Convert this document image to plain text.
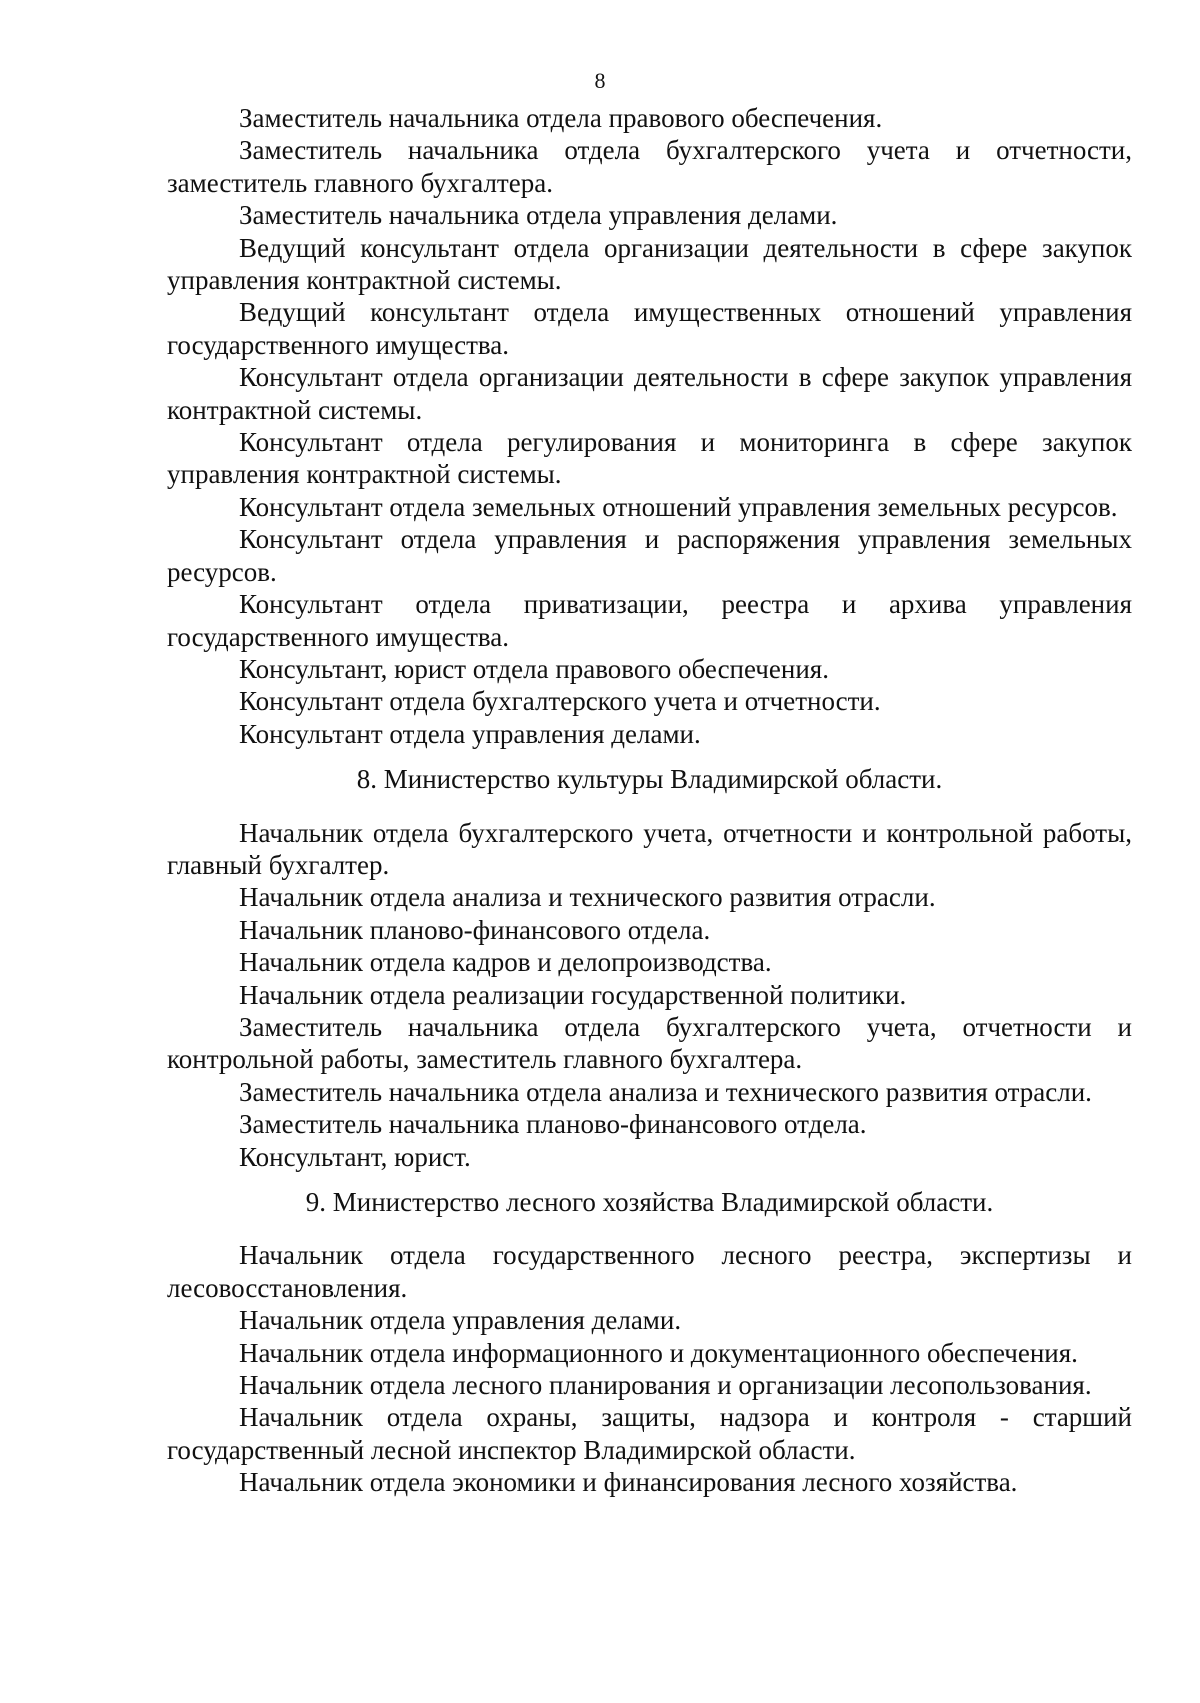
8

Заместитель начальника отдела правового обеспечения.

Заместитель начальника отдела бухгалтерского учета и отчетности, заместитель главного бухгалтера.

Заместитель начальника отдела управления делами.

Ведущий консультант отдела организации деятельности в сфере закупок управления контрактной системы.

Ведущий консультант отдела имущественных отношений управления государственного имущества.

Консультант отдела организации деятельности в сфере закупок управления контрактной системы.

Консультант отдела регулирования и мониторинга в сфере закупок управления контрактной системы.

Консультант отдела земельных отношений управления земельных ресурсов.

Консультант отдела управления и распоряжения управления земельных ресурсов.

Консультант отдела приватизации, реестра и архива управления государственного имущества.

Консультант, юрист отдела правового обеспечения.

Консультант отдела бухгалтерского учета и отчетности.

Консультант отдела управления делами.

8. Министерство культуры Владимирской области.

Начальник отдела бухгалтерского учета, отчетности и контрольной работы, главный бухгалтер.

Начальник отдела анализа и технического развития отрасли.

Начальник планово-финансового отдела.

Начальник отдела кадров и делопроизводства.

Начальник отдела реализации государственной политики.

Заместитель начальника отдела бухгалтерского учета, отчетности и контрольной работы, заместитель главного бухгалтера.

Заместитель начальника отдела анализа и технического развития отрасли.

Заместитель начальника планово-финансового отдела.

Консультант, юрист.

9. Министерство лесного хозяйства Владимирской области.

Начальник отдела государственного лесного реестра, экспертизы и лесовосстановления.

Начальник отдела управления делами.

Начальник отдела информационного и документационного обеспечения.

Начальник отдела лесного планирования и организации лесопользования.

Начальник отдела охраны, защиты, надзора и контроля - старший государственный лесной инспектор Владимирской области.

Начальник отдела экономики и финансирования лесного хозяйства.
